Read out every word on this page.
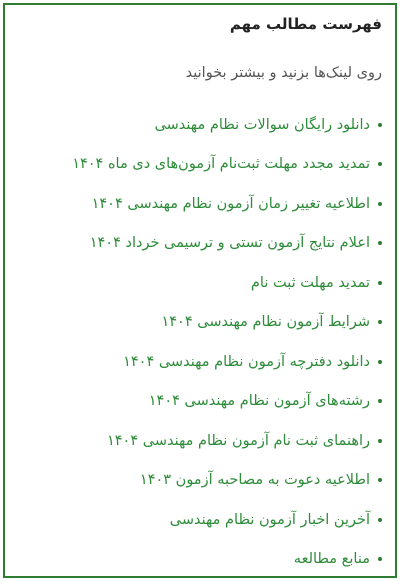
فهرست مطالب مهم
روی لینک‌ها بزنید و بیشتر بخوانید
دانلود رایگان سوالات نظام مهندسی
تمدید مجدد مهلت ثبت‌نام آزمون‌های دی ماه ۱۴۰۴
اطلاعیه تغییر زمان آزمون نظام مهندسی ۱۴۰۴
اعلام نتایج آزمون تستی و ترسیمی خرداد ۱۴۰۴
تمدید مهلت ثبت نام
شرایط آزمون نظام مهندسی ۱۴۰۴
دانلود دفترچه آزمون نظام مهندسی ۱۴۰۴
رشته‌های آزمون نظام مهندسی ۱۴۰۴
راهنمای ثبت نام آزمون نظام مهندسی ۱۴۰۴
اطلاعیه دعوت به مصاحبه آزمون ۱۴۰۳
آخرین اخبار آزمون نظام مهندسی
منابع مطالعه
